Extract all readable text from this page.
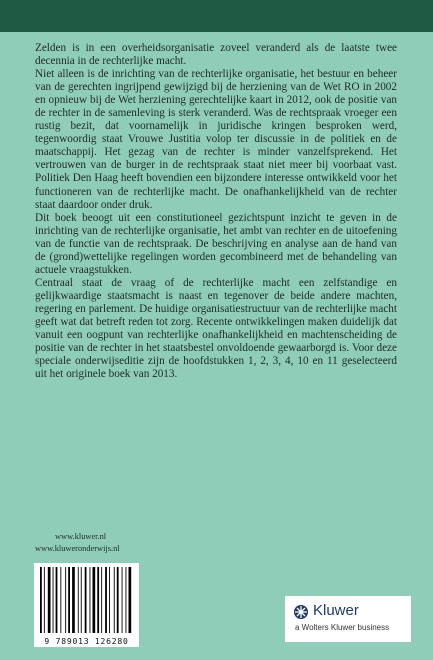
Zelden is in een overheidsorganisatie zoveel veranderd als de laatste twee decennia in de rechterlijke macht.

Niet alleen is de inrichting van de rechterlijke organisatie, het bestuur en beheer van de gerechten ingrijpend gewijzigd bij de herziening van de Wet RO in 2002 en opnieuw bij de Wet herziening gerechtelijke kaart in 2012, ook de positie van de rechter in de samenleving is sterk veranderd. Was de rechtspraak vroeger een rustig bezit, dat voornamelijk in juridische kringen besproken werd, tegenwoordig staat Vrouwe Justitia volop ter discussie in de politiek en de maatschappij. Het gezag van de rechter is minder vanzelfsprekend. Het vertrouwen van de burger in de rechtspraak staat niet meer bij voorbaat vast. Politiek Den Haag heeft bovendien een bijzondere interesse ontwikkeld voor het functioneren van de rechterlijke macht. De onafhankelijkheid van de rechter staat daardoor onder druk.

Dit boek beoogt uit een constitutioneel gezichtspunt inzicht te geven in de inrichting van de rechterlijke organisatie, het ambt van rechter en de uitoefening van de functie van de rechtspraak. De beschrijving en analyse aan de hand van de (grond)wettelijke regelingen worden gecombineerd met de behandeling van actuele vraagstukken.

Centraal staat de vraag of de rechterlijke macht een zelfstandige en gelijkwaardige staatsmacht is naast en tegenover de beide andere machten, regering en parlement. De huidige organisatiestructuur van de rechterlijke macht geeft wat dat betreft reden tot zorg. Recente ontwikkelingen maken duidelijk dat vanuit een oogpunt van rechterlijke onafhankelijkheid en machtenscheiding de positie van de rechter in het staatsbestel onvoldoende gewaarborgd is. Voor deze speciale onderwijseditie zijn de hoofdstukken 1, 2, 3, 4, 10 en 11 geselecteerd uit het originele boek van 2013.

www.kluwer.nl
www.kluweronderwijs.nl
9 789013 126280
Kluwer
a Wolters Kluwer business
